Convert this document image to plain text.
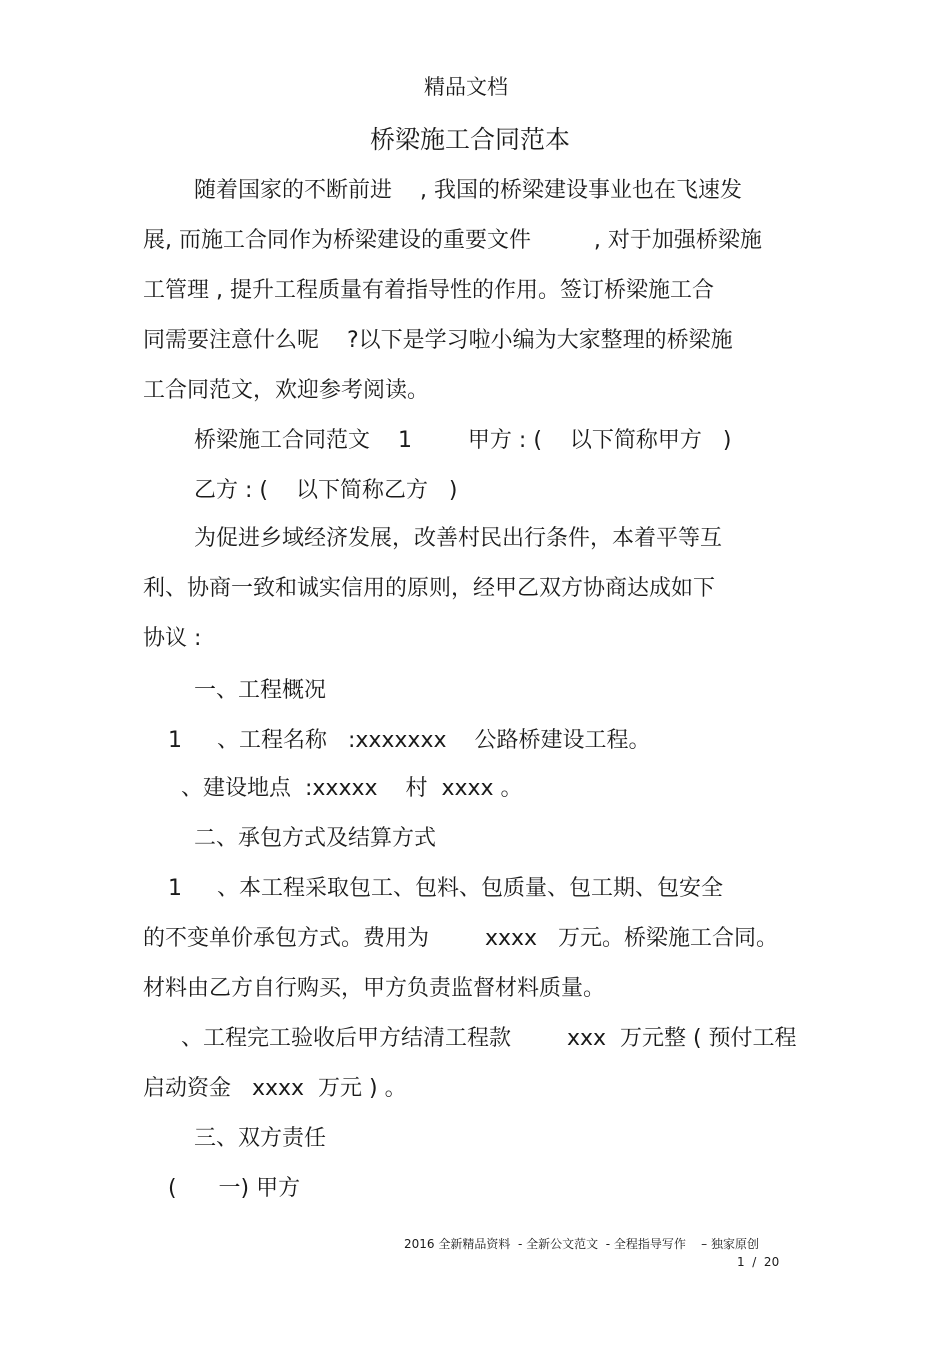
精品文档
桥梁施工合同范本
随着国家的不断前进    , 我国的桥梁建设事业也在飞速发
展, 而施工合同作为桥梁建设的重要文件         , 对于加强桥梁施
工管理 , 提升工程质量有着指导性的作用。签订桥梁施工合
同需要注意什么呢    ?以下是学习啦小编为大家整理的桥梁施
工合同范文，欢迎参考阅读。
桥梁施工合同范文    1        甲方 : (    以下简称甲方   )
乙方 : (    以下简称乙方   )
为促进乡域经济发展，改善村民出行条件，本着平等互
利、协商一致和诚实信用的原则，经甲乙双方协商达成如下
协议 :
一、工程概况
1     、工程名称   :xxxxxxx    公路桥建设工程。
、建设地点  :xxxxx    村  xxxx 。
二、承包方式及结算方式
1     、本工程采取包工、包料、包质量、包工期、包安全
的不变单价承包方式。费用为        xxxx   万元。桥梁施工合同。
材料由乙方自行购买，甲方负责监督材料质量。
、工程完工验收后甲方结清工程款        xxx  万元整 ( 预付工程
启动资金   xxxx  万元 ) 。
三、双方责任
(      一) 甲方
2016 全新精品资料  - 全新公文范文  - 全程指导写作    – 独家原创
1  /  20
